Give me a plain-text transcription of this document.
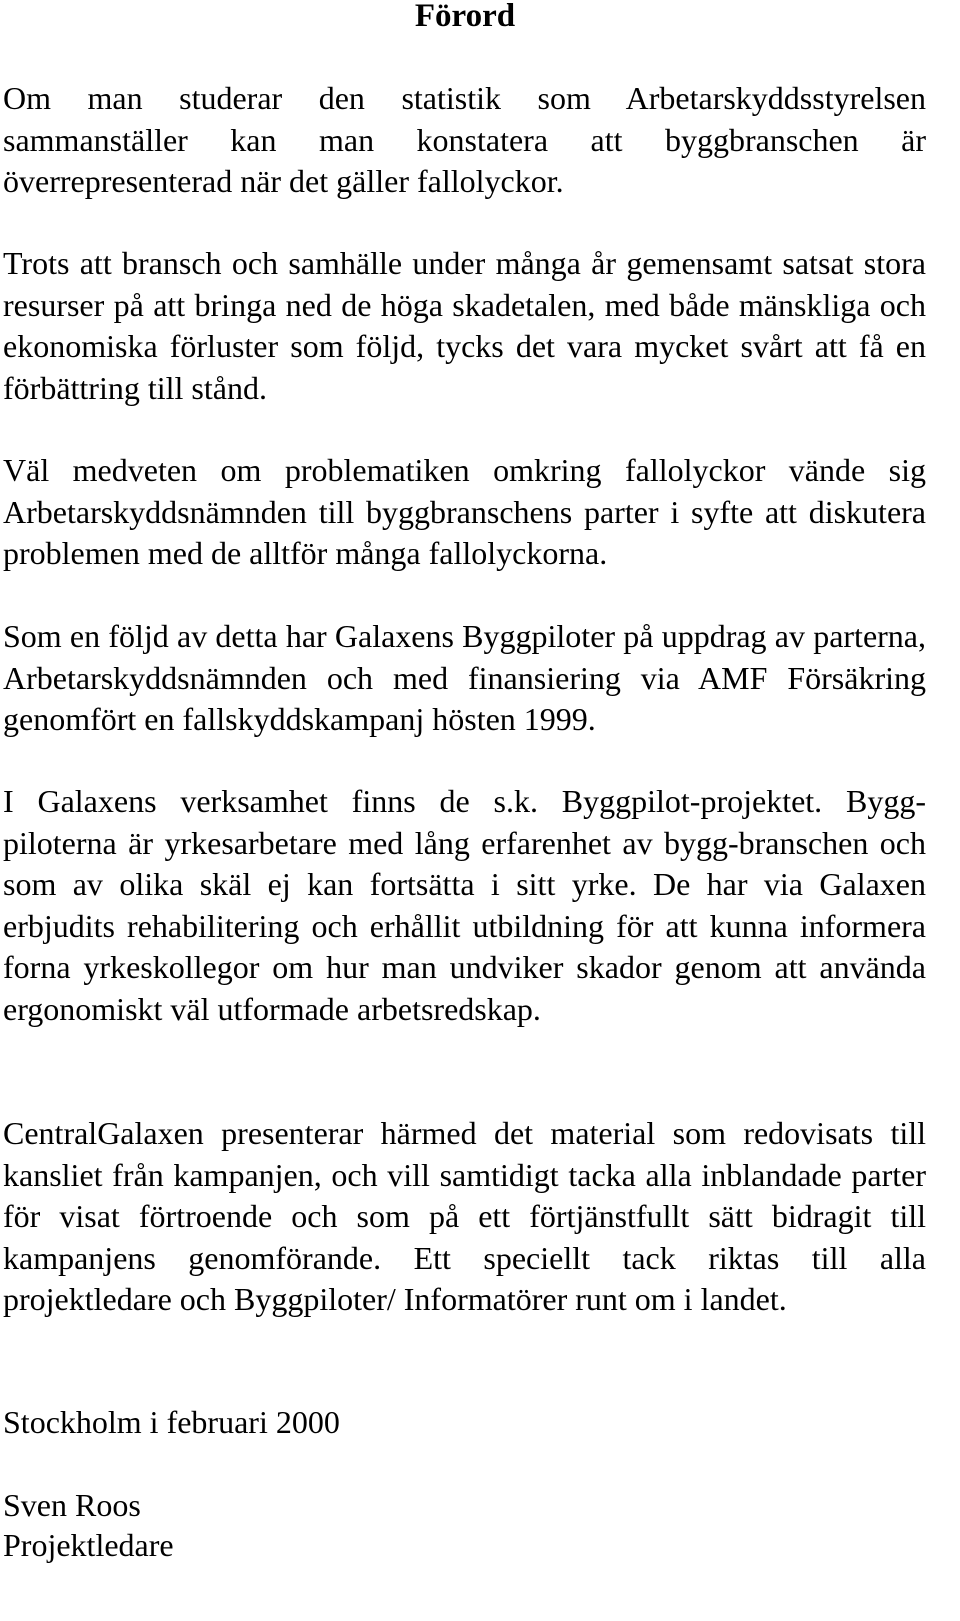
Förord

Om man studerar den statistik som Arbetarskyddsstyrelsen sammanställer kan man konstatera att byggbranschen är överrepresenterad när det gäller fallolyckor.

Trots att bransch och samhälle under många år gemensamt satsat stora resurser på att bringa ned de höga skadetalen, med både mänskliga och ekonomiska förluster som följd, tycks det vara mycket svårt att få en förbättring till stånd.

Väl medveten om problematiken omkring fallolyckor vände sig Arbetarskyddsnämnden till byggbranschens parter i syfte att diskutera problemen med de alltför många fallolyckorna.

Som en följd av detta har Galaxens Byggpiloter på uppdrag av parterna, Arbetarskyddsnämnden och med finansiering via AMF Försäkring genomfört en fallskyddskampanj hösten 1999.

I Galaxens verksamhet finns de s.k. Byggpilot-projektet. Bygg-piloterna är yrkesarbetare med lång erfarenhet av bygg-branschen och som av olika skäl ej kan fortsätta i sitt yrke. De har via Galaxen erbjudits rehabilitering och erhållit utbildning för att kunna informera forna yrkeskollegor om hur man undviker skador genom att använda ergonomiskt väl utformade arbetsredskap.

CentralGalaxen presenterar härmed det material som redovisats till kansliet från kampanjen, och vill samtidigt tacka alla inblandade parter för visat förtroende och som på ett förtjänstfullt sätt bidragit till kampanjens genomförande. Ett speciellt tack riktas till alla projektledare och Byggpiloter/ Informatörer runt om i landet.

Stockholm i februari 2000

Sven Roos

Projektledare
